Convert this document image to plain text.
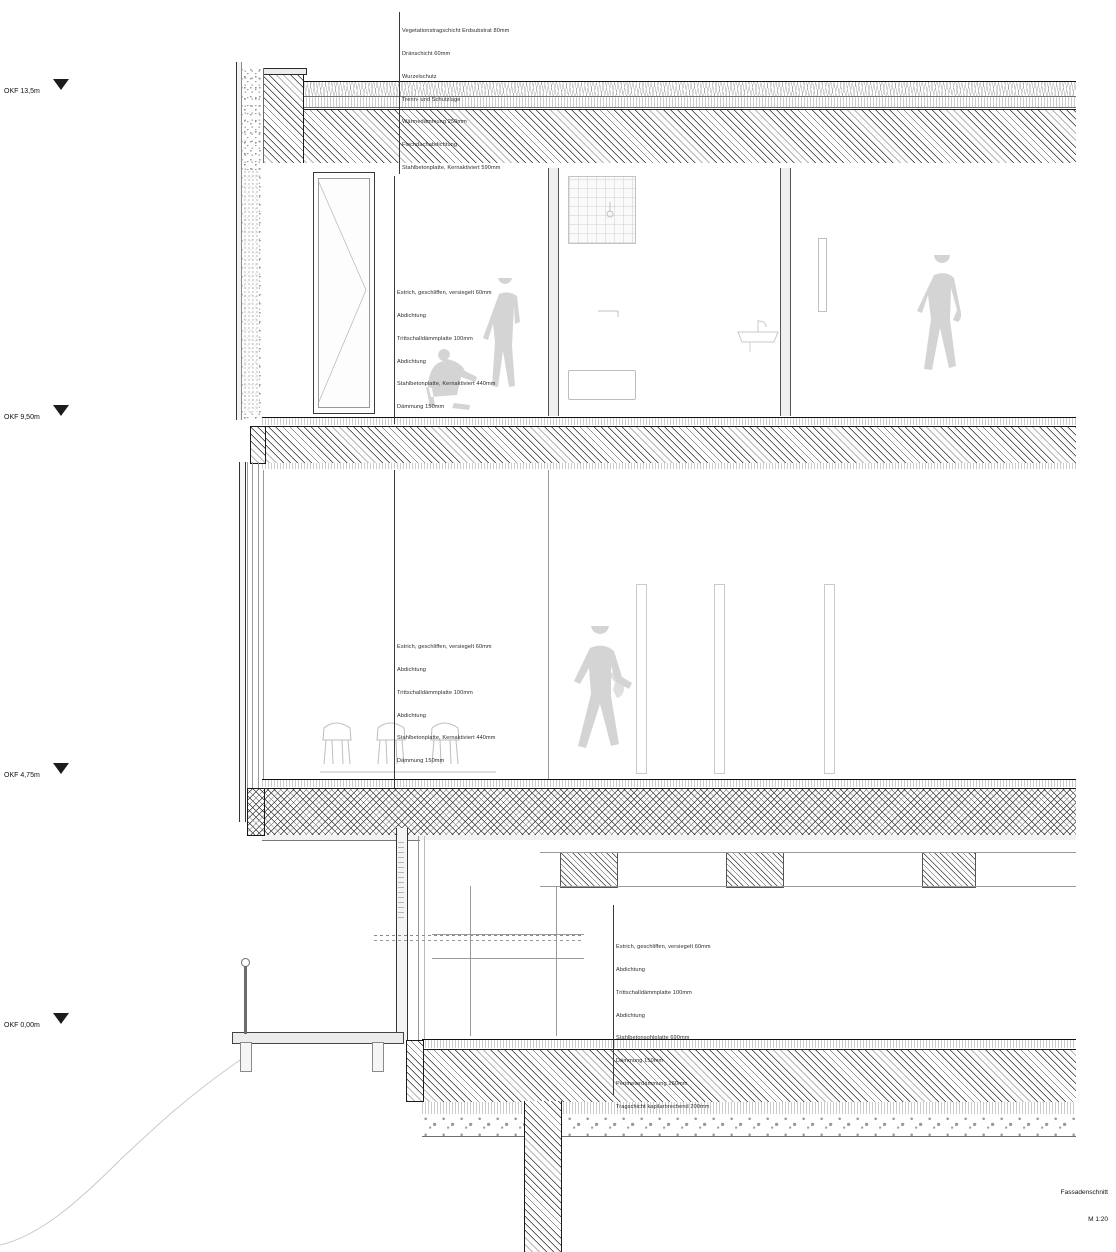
OKF 13,5m
OKF 9,50m
OKF 4,75m
OKF 0,00m

Vegetationstragschicht Erdsubstrat 80mm

Dränschicht 60mm

Wurzelschutz

Trenn- und Schutzlage

Wärmedämmung 250mm

Flachdachabdichtung

Stahlbetonplatte, Kernaktiviert 590mm

Estrich, geschliffen, versiegelt 60mm

Abdichtung

Trittschalldämmplatte 100mm

Abdichtung

Stahlbetonplatte, Kernaktiviert 440mm

Dämmung 150mm

Estrich, geschliffen, versiegelt 60mm

Abdichtung

Trittschalldämmplatte 100mm

Abdichtung

Stahlbetonplatte, Kernaktiviert 440mm

Dämmung 150mm

Estrich, geschliffen, versiegelt 60mm

Abdichtung

Trittschalldämmplatte 100mm

Abdichtung

Stahlbetonsohlplatte 690mm

Dämmung 150mm

Perimeterdämmung 260mm

Tragschicht kapilarbrechend 200mm

Fassadenschnitt

M 1:20
